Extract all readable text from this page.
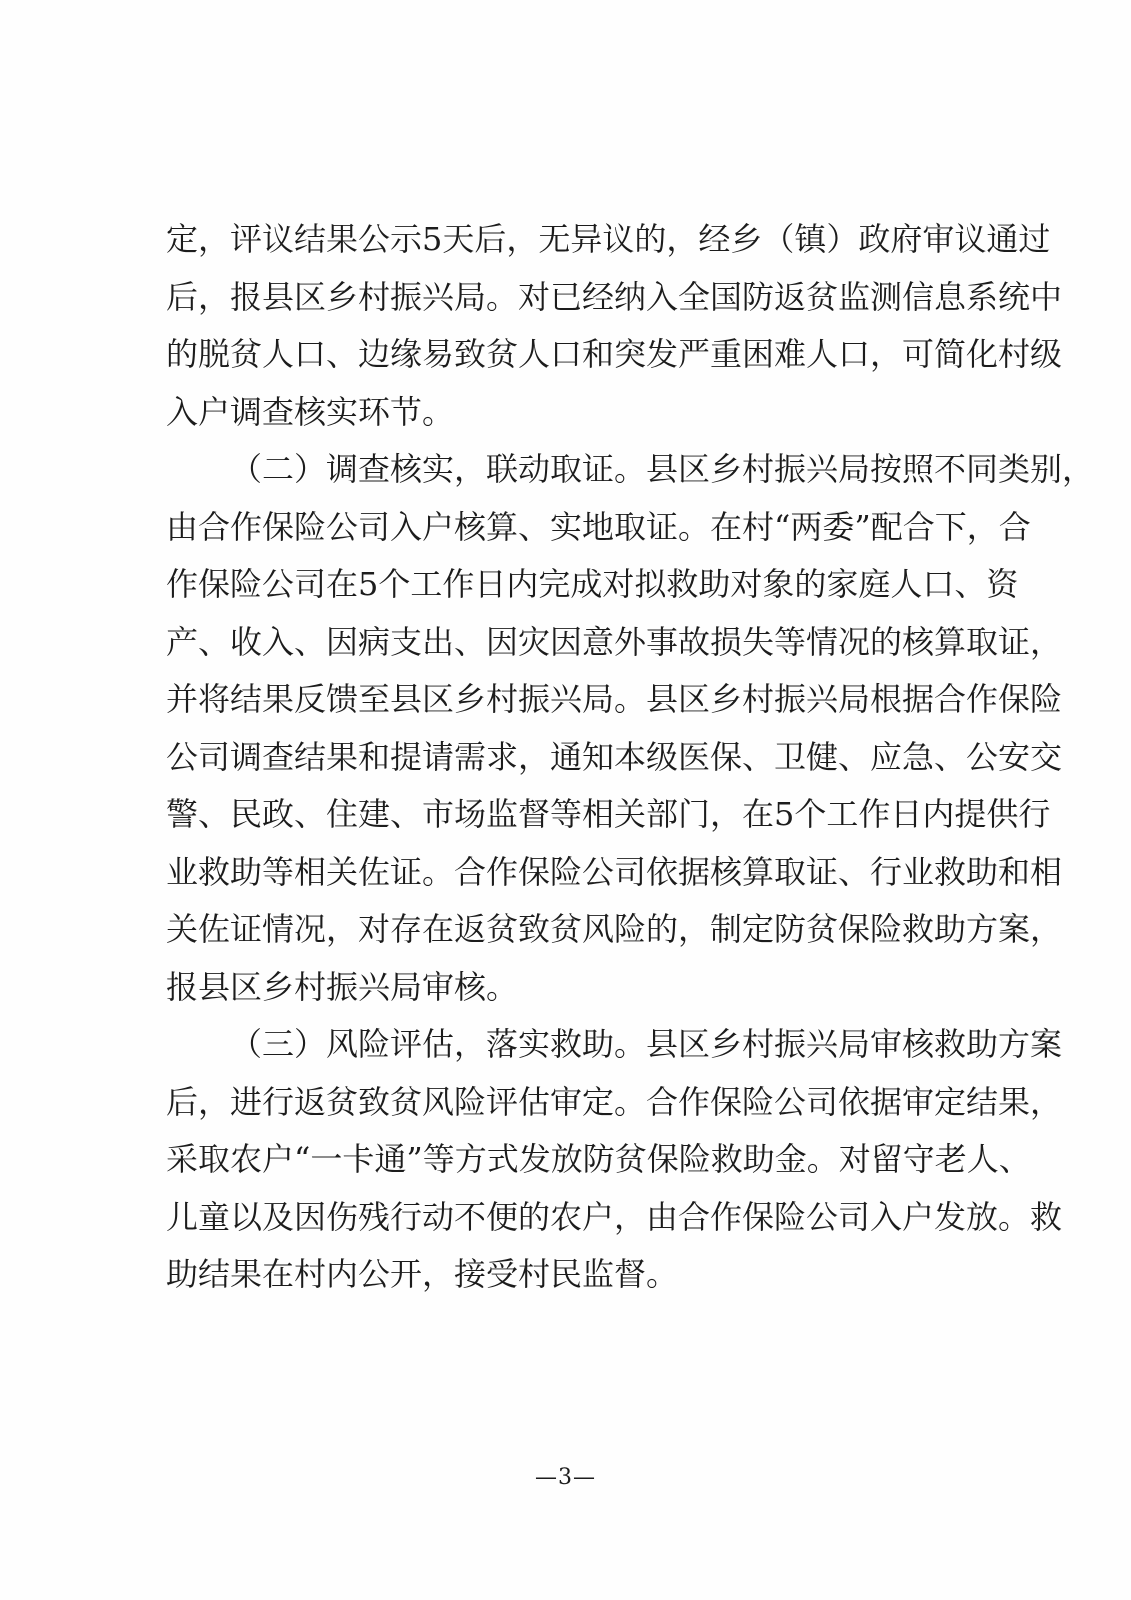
定，评议结果公示5天后，无异议的，经乡（镇）政府审议通过
后，报县区乡村振兴局。对已经纳入全国防返贫监测信息系统中
的脱贫人口、边缘易致贫人口和突发严重困难人口，可简化村级
入户调查核实环节。
（二）调查核实，联动取证。县区乡村振兴局按照不同类别，
由合作保险公司入户核算、实地取证。在村“两委”配合下，合
作保险公司在5个工作日内完成对拟救助对象的家庭人口、资
产、收入、因病支出、因灾因意外事故损失等情况的核算取证，
并将结果反馈至县区乡村振兴局。县区乡村振兴局根据合作保险
公司调查结果和提请需求，通知本级医保、卫健、应急、公安交
警、民政、住建、市场监督等相关部门，在5个工作日内提供行
业救助等相关佐证。合作保险公司依据核算取证、行业救助和相
关佐证情况，对存在返贫致贫风险的，制定防贫保险救助方案，
报县区乡村振兴局审核。
（三）风险评估，落实救助。县区乡村振兴局审核救助方案
后，进行返贫致贫风险评估审定。合作保险公司依据审定结果，
采取农户“一卡通”等方式发放防贫保险救助金。对留守老人、
儿童以及因伤残行动不便的农户，由合作保险公司入户发放。救
助结果在村内公开，接受村民监督。
—3—
